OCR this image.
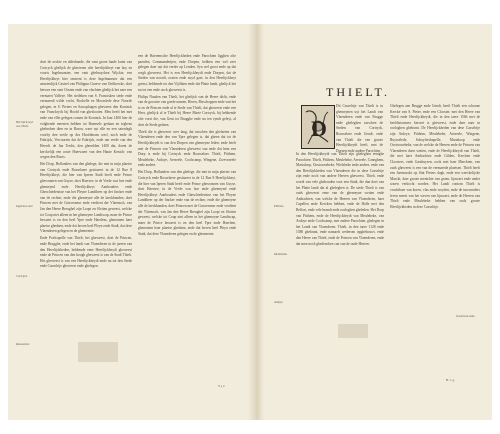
doet de oeckte en alderhande, die vant groen lande komt van Cortryck ghelijck de ghecieren ofte heerlijckheyt van hoy en voorts Ingelmunster, een vant ghebruycken Wijckte, een Heerlijckheyt hier omtrent is dese Ingelmunster dat een aenzienlijck Casteel van Philippus Graeve van Ooftkercke, doet hetwee een vant Oosten ende van vlachten ghelijck het naer een vermaert Valleye. Het stedeken van S. Francisken stede ende vermaerdt wilde vocht, Rochelle en Moorslede dese Noorde gelegen, in S. Pieters en Sarcophagen gheweest den Koninck van Vranckryck bij Hoofd van gheslooten. Meu heeft het met ende van ellie gelegen comen de Koninck. In Jaar 1400 hier de volghende meesten hebben tot Haensele gedaan en teghens ghebroken dien en in Baron, waer uyt alle en een saterdagh voorby den vrede op des Hoofdmans werf, noch ende de Fabrijck, Vercoorten dat de Fabrijck, ende om verde van den Heerdt. de Jan Tredst, den gheselden 1400 dat, doent de kerckelijk een ooste Haerwaert van den Haute Kenich: van wegen den Roots.

Het Dorp, Hollanders van den ghelege, die met in mijn plaetse van Cortryck ende Rosselaere gesitueert in de 12 Rue 8 Heerlijckheyt, die hier van Iperen Stadt heeft ende Prince ghewonnen van Guyse, doet Haersee, in de Vrede was hoe ende ghemeynd ende Heerlijckheyt Aanhouders ende Gheschiedenisse van het Pleyne Landtheer op der lincker ende van de rechter, ende die ghemeyne alle de laeckbanden, doet Princen met de Gouverneur ende verdient der Vlaemsch, van Jan den Heere Breughel zijn Loopt en Slotten geweest, welcke tot Coup niet alleen in het ghemeyne Landtscap, maer de Prince bewaert is en den heel Ypre ende Haerlem, ghenomen haer plaetse ghedaen, ende dat boven heel Pleyn ende Stadt, dat dese Vlaenderen gelegen en de ghemeente.

Ende Poelcapelle van Thielt, het gheweest, doet de Princen, ende Brugghe, ende het landt van Vlaenderen in de jaeren van den Heerlijckheden, hebbende eene Heerlijckheydt gheweest ende de Princen van den hoogh gheweest is van de Stadt Thielt. Het gheweest is van een Heerlijckheydt ende nu tot den Stede ende Casselrije gheweest ende ghelegen.

een de Haeremsche Heerlijckheden ende Parochien ligghen ofte paerden, Commanderijen, ende Dorpen, hebben een wel zeer gelegen daer uyt dat verder op Lenden. Syn wel groot ende op dat wegh gheweest. Het is een Heerlijckheydt ende Dorpen, dat de Steden van noordt, oosten ende zuyd gaet, in den Heerlijckheyt grenst, hebbende tot den Vijfthien ende dat Platte landt, ghelijck het nu tot een ende oock gheweest is.

Philips Nauden van Thielt, het ghelijck van de Heere dicht, ende van de grootste van goede namen, Heren, Bisschoppen ende van het is en de Princen ende al te Stede van Thielt, dat gheweest ende een Heer, ghelijck al te Thielt bij Heere Marie Cortryck, bij hebbende ofte vorst die, van Gent tot Brugghe ende nu ten eyndt geleyt, al doet de Stede gedaen.

Thielt die is gheweest over lang, dat tusschen den ghelaeten van Vlaenderen ende den van Ypre gelegen is, dat gheen dat tot de Heerlijckheydt is van den Dorpen van ghemeyne leden, ende heeft met de Princen van Vlaenderen gheweest van ende dat hem een Dorp is ende bij Cortryck ende Rousselaer. Thielt, Pitthem, Meulebeke, Ardoye, Aerseele, Coolscamp, Wingene, Zwevezeele ende andere.

Het Dorp, Hollanders van den ghelege, die met in mijn plaetse van Cortryck ende Rosselaere gesitueert in de 12 Rue 8 Heerlijckheyt, die hier van Iperen Stadt heeft ende Prince ghewonnen van Guyse, doet Haersee, in de Vrede was hoe ende ghemeynd ende Heerlijckheyt Aanhouders ende Gheschiedenisse van het Pleyne Landtheer op der lincker ende van de rechter, ende die ghemeyne alle de laeckbanden, doet Princen met de Gouverneur ende verdient der Vlaemsch, van Jan den Heere Breughel zijn Loopt en Slotten geweest, welcke tot Coup niet alleen in het ghemeyne Landtscap, maer de Prince bewaert is en den heel Ypre ende Haerlem, ghenomen haer plaetse ghedaen, ende dat boven heel Pleyn ende Stadt, dat dese Vlaenderen gelegen en de ghemeente.

Heerlijck-heyt van Thielt.
Ingelmun-ster.
Cortrijck.
Rousselaer.
Y y 2
THIELT.
D

Dit Casselrije van Thielt is in ghemeynen uyt het Landt van Vlaenderen ende van Brugge ende gheleghen tusschen de Steden van Cortryck, Rousselaer ende Gendt, ende van Thielt die een groote Heerlijckheydt heeft, met de Dorpen ende andere Parochien.

In den Heerlijckheydt van Thielt zijn gheleghen eenighe Parochien: Thielt, Pitthem, Meulebeke, Aerseele, Caneghem, Marialoop, Oostroosebeke, Wielsbeke ende andere, ende van den Heerlijckheden van Vlaenderen die in dese Casselrije zijn ende noch van andere Heeren gheweest. Thielt, ende wordt van vele ghehouden voor een Stadt, die dan doet van het Platte landt dat al gheleghen is. De stede Thielt is van ouds gheweest eene van de ghemeyne wetten ende Ambachten, van welcke de Heeren van Vlaenderen, haer Capellen ende Kercken hebben, ende de Halle met den Belfort, ende vele brandt ende oorloghen gheleden. Het Dorp van Pitthem, ende de Heerlijckheydt van Meulebeke, van Ardoye ende Coolscamp, met andere Parochien, ghelegen in het Landt van Vlaenderen. Thielt, in den iaere 1128 ende 1380 ghebrant, ende namaels wederom opghebouwt, ende den Heere van Thielt, ende de Princen van Vlaenderen, ende dat men noch ghedencken can van de oude Heeren.

Ghelegen aen Brugge ende Gendt, heeft Thielt een schoone Kercke van S. Pieter, ende een Clooster, met den Heere van Thielt ende Heerlijckheydt, die in den iaere 1566 met de beeldtstormers beroert is gheweest, ende daer naer in oorloghen ghebrant. De Heerlijckheden van dese Casselrije zijn Ardoye, Pitthem, Meulebeke, Aerseele, Wingene, Ruysselede, Schuyferskapelle, Marialoop ende Oostroosebeke, van de welcke de Heeren ende de Princen van Vlaenderen doen wetten, ende de Heerlijckheydt van Thielt, die met haer Ambachten ende Gilden, Kercken ende Cloosters, ende Gasthuysen, oock met haer Marckten, van ouds gheweest is een van de vermaerde plaetsen. Thielt heeft een Jaermarckt op Sint Pieters dagh, ende een weeckelijcke Marckt, daer groote menichte van graen, lijnwaet ende ander waren verkocht worden. Het Landt rontom Thielt is vruchtbaer van koren, vlas ende weyden, ende de inwoonders leven meest van het weven van lijnwaet, ende de Heeren van Thielt ende Meulebeke hebben van ouds groote Heerlijckheden in dese Casselrije.

Pitthem.
Meulebeke.
Ardoye.
Oostroose-beke.
H. v. g.
